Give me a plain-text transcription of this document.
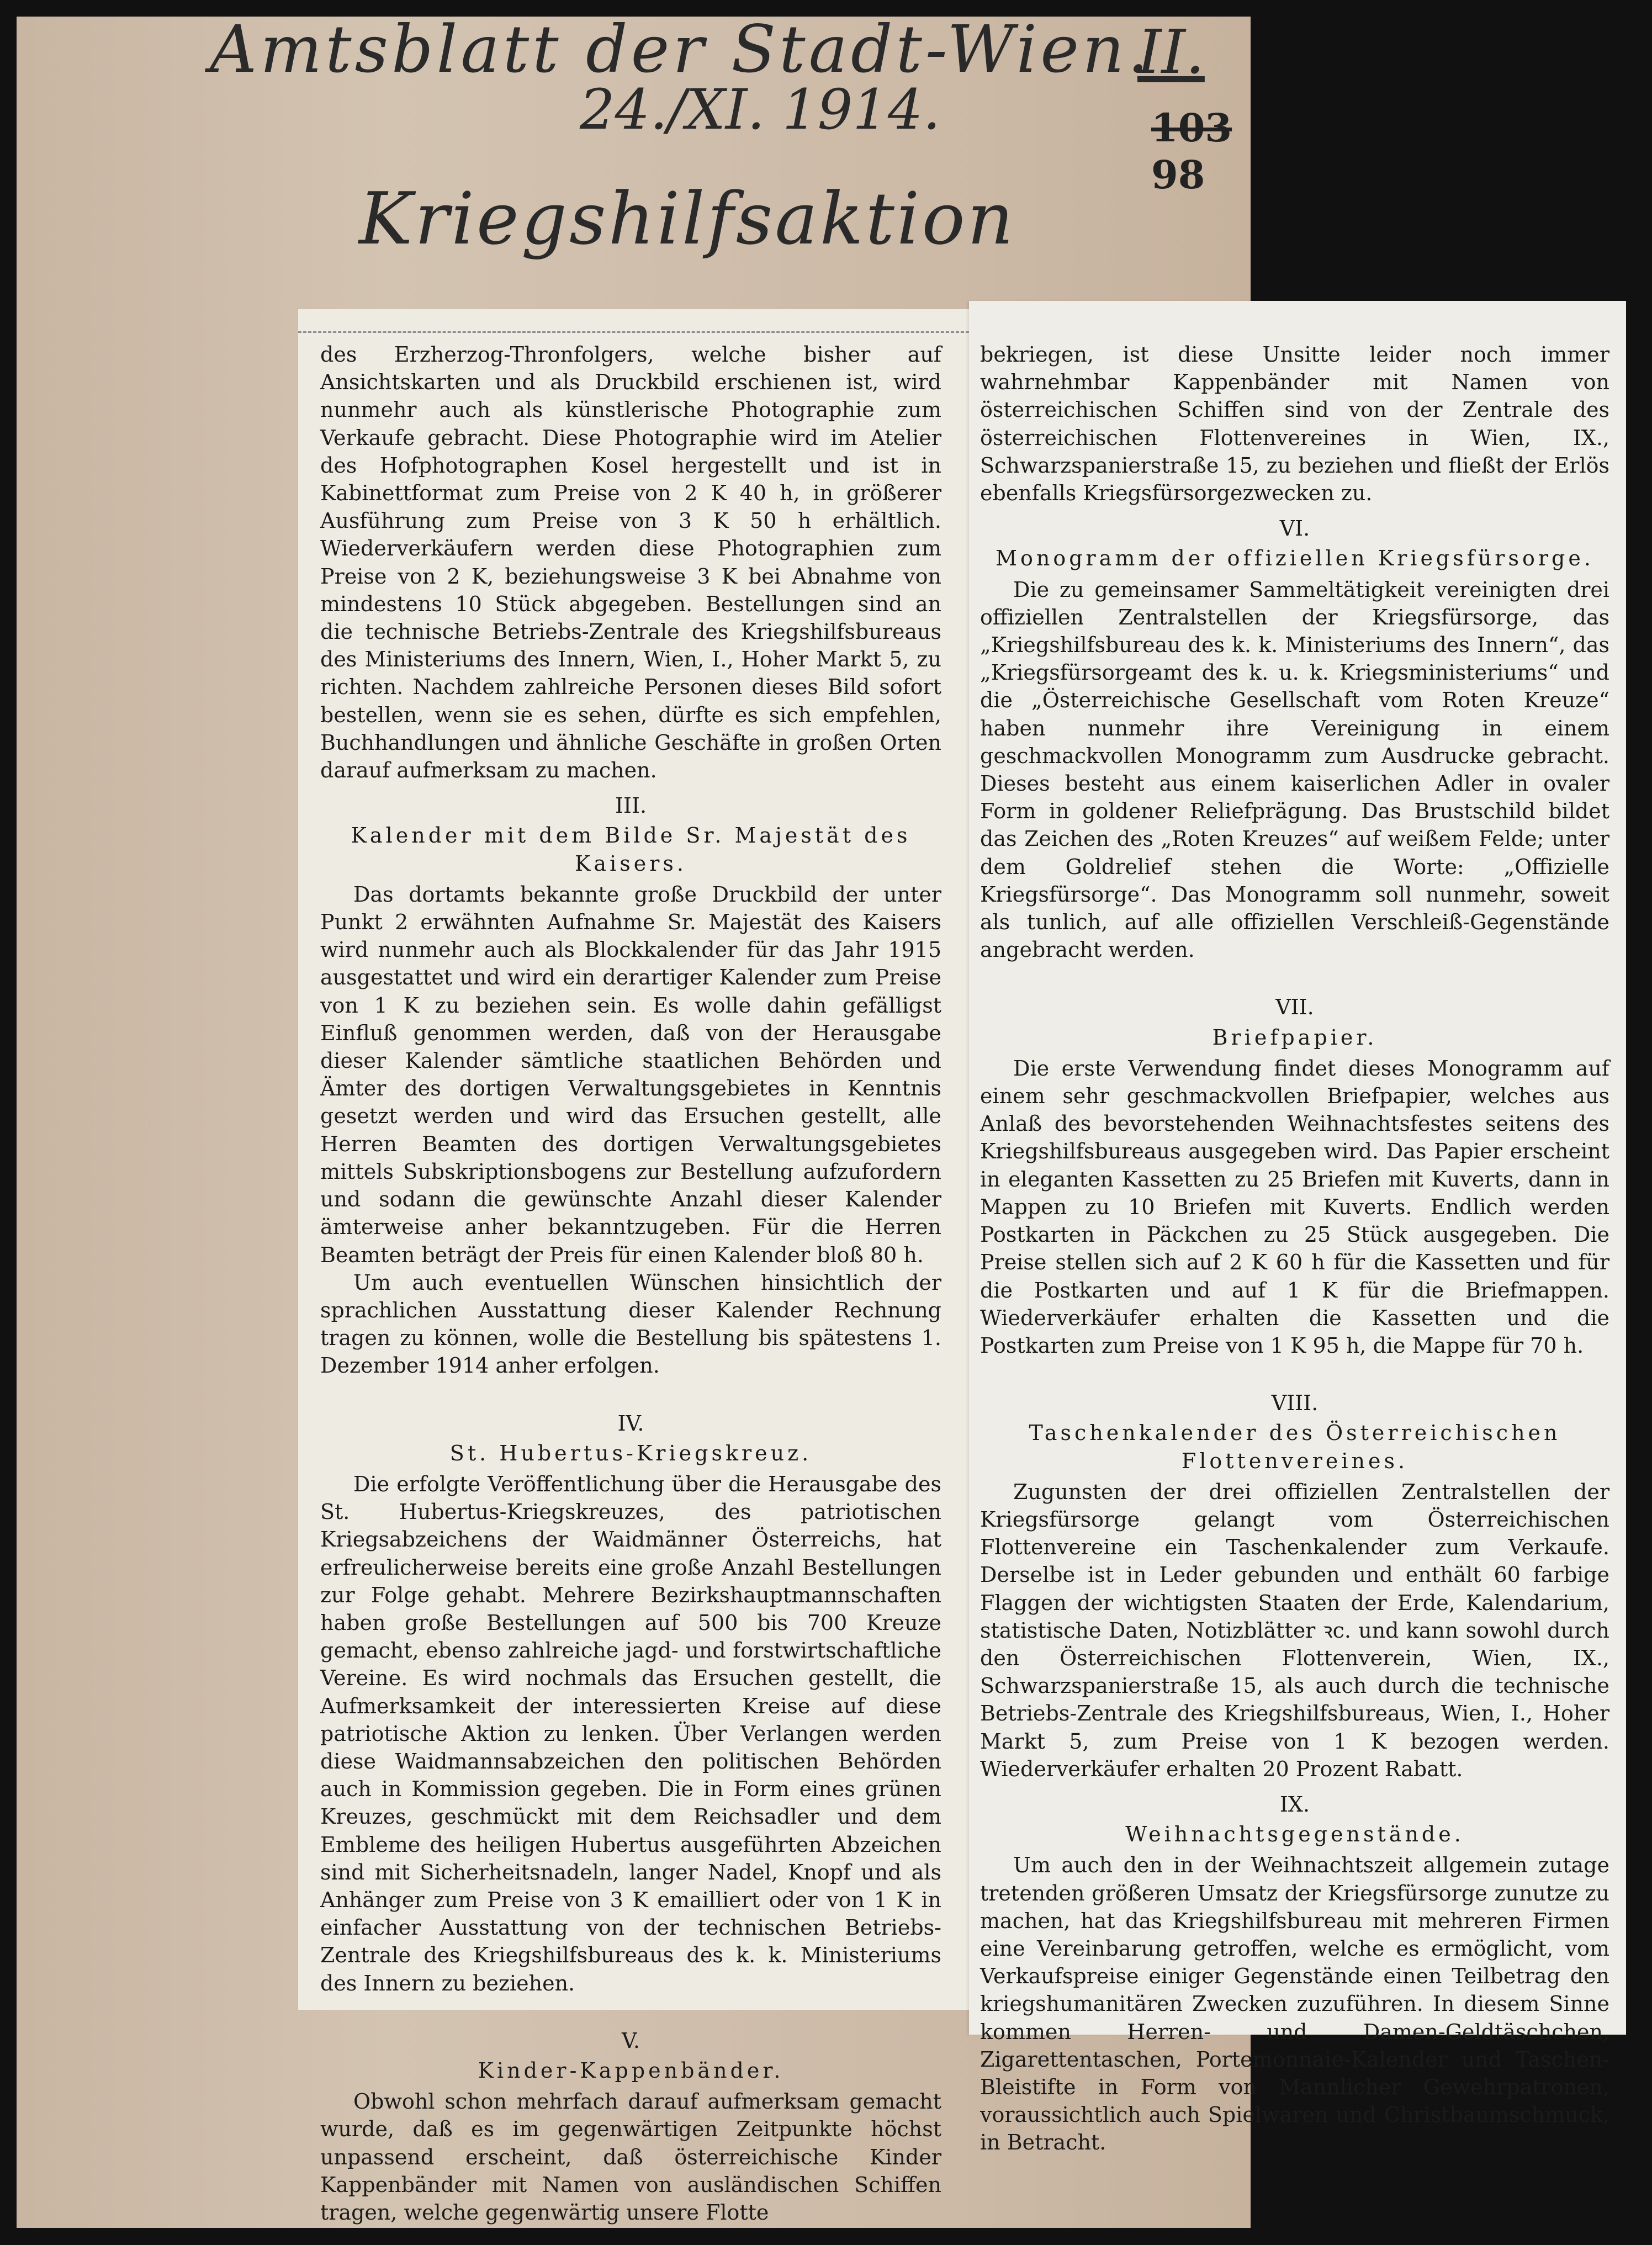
Amtsblatt der Stadt-Wien.
24./XI. 1914.
Kriegshilfsaktion
II.
103
98

des Erzherzog-Thronfolgers, welche bisher auf Ansichtskarten und als Druckbild erschienen ist, wird nunmehr auch als künstlerische Photographie zum Verkaufe gebracht. Diese Photographie wird im Atelier des Hofphotographen Kosel hergestellt und ist in Kabinettformat zum Preise von 2 K 40 h, in größerer Ausführung zum Preise von 3 K 50 h erhältlich. Wiederverkäufern werden diese Photographien zum Preise von 2 K, beziehungsweise 3 K bei Abnahme von mindestens 10 Stück abgegeben. Bestellungen sind an die technische Betriebs-Zentrale des Kriegshilfsbureaus des Ministeriums des Innern, Wien, I., Hoher Markt 5, zu richten. Nachdem zahlreiche Personen dieses Bild sofort bestellen, wenn sie es sehen, dürfte es sich empfehlen, Buchhandlungen und ähnliche Geschäfte in großen Orten darauf aufmerksam zu machen.

III.
Kalender mit dem Bilde Sr. Majestät des Kaisers.

Das dortamts bekannte große Druckbild der unter Punkt 2 erwähnten Aufnahme Sr. Majestät des Kaisers wird nunmehr auch als Blockkalender für das Jahr 1915 ausgestattet und wird ein derartiger Kalender zum Preise von 1 K zu beziehen sein. Es wolle dahin gefälligst Einfluß genommen werden, daß von der Herausgabe dieser Kalender sämtliche staatlichen Behörden und Ämter des dortigen Verwaltungsgebietes in Kenntnis gesetzt werden und wird das Ersuchen gestellt, alle Herren Beamten des dortigen Verwaltungsgebietes mittels Subskriptionsbogens zur Bestellung aufzufordern und sodann die gewünschte Anzahl dieser Kalender ämterweise anher bekanntzugeben. Für die Herren Beamten beträgt der Preis für einen Kalender bloß 80 h.

Um auch eventuellen Wünschen hinsichtlich der sprachlichen Ausstattung dieser Kalender Rechnung tragen zu können, wolle die Bestellung bis spätestens 1. Dezember 1914 anher erfolgen.

IV.
St. Hubertus-Kriegskreuz.

Die erfolgte Veröffentlichung über die Herausgabe des St. Hubertus-Kriegskreuzes, des patriotischen Kriegsabzeichens der Waidmänner Österreichs, hat erfreulicherweise bereits eine große Anzahl Bestellungen zur Folge gehabt. Mehrere Bezirkshauptmannschaften haben große Bestellungen auf 500 bis 700 Kreuze gemacht, ebenso zahlreiche jagd- und forstwirtschaftliche Vereine. Es wird nochmals das Ersuchen gestellt, die Aufmerksamkeit der interessierten Kreise auf diese patriotische Aktion zu lenken. Über Verlangen werden diese Waidmannsabzeichen den politischen Behörden auch in Kommission gegeben. Die in Form eines grünen Kreuzes, geschmückt mit dem Reichsadler und dem Embleme des heiligen Hubertus ausgeführten Abzeichen sind mit Sicherheitsnadeln, langer Nadel, Knopf und als Anhänger zum Preise von 3 K emailliert oder von 1 K in einfacher Ausstattung von der technischen Betriebs-Zentrale des Kriegshilfsbureaus des k. k. Ministeriums des Innern zu beziehen.

V.
Kinder-Kappenbänder.

Obwohl schon mehrfach darauf aufmerksam gemacht wurde, daß es im gegenwärtigen Zeitpunkte höchst unpassend erscheint, daß österreichische Kinder Kappenbänder mit Namen von ausländischen Schiffen tragen, welche gegenwärtig unsere Flotte

bekriegen, ist diese Unsitte leider noch immer wahrnehmbar Kappenbänder mit Namen von österreichischen Schiffen sind von der Zentrale des österreichischen Flottenvereines in Wien, IX., Schwarzspanierstraße 15, zu beziehen und fließt der Erlös ebenfalls Kriegsfürsorgezwecken zu.

VI.
Monogramm der offiziellen Kriegsfürsorge.

Die zu gemeinsamer Sammeltätigkeit vereinigten drei offiziellen Zentralstellen der Kriegsfürsorge, das „Kriegshilfsbureau des k. k. Ministeriums des Innern“, das „Kriegsfürsorgeamt des k. u. k. Kriegsministeriums“ und die „Österreichische Gesellschaft vom Roten Kreuze“ haben nunmehr ihre Vereinigung in einem geschmackvollen Monogramm zum Ausdrucke gebracht. Dieses besteht aus einem kaiserlichen Adler in ovaler Form in goldener Reliefprägung. Das Brustschild bildet das Zeichen des „Roten Kreuzes“ auf weißem Felde; unter dem Goldrelief stehen die Worte: „Offizielle Kriegsfürsorge“. Das Monogramm soll nunmehr, soweit als tunlich, auf alle offiziellen Verschleiß-Gegenstände angebracht werden.

VII.
Briefpapier.

Die erste Verwendung findet dieses Monogramm auf einem sehr geschmackvollen Briefpapier, welches aus Anlaß des bevorstehenden Weihnachtsfestes seitens des Kriegshilfsbureaus ausgegeben wird. Das Papier erscheint in eleganten Kassetten zu 25 Briefen mit Kuverts, dann in Mappen zu 10 Briefen mit Kuverts. Endlich werden Postkarten in Päckchen zu 25 Stück ausgegeben. Die Preise stellen sich auf 2 K 60 h für die Kassetten und für die Postkarten und auf 1 K für die Briefmappen. Wiederverkäufer erhalten die Kassetten und die Postkarten zum Preise von 1 K 95 h, die Mappe für 70 h.

VIII.
Taschenkalender des Österreichischen Flottenvereines.

Zugunsten der drei offiziellen Zentralstellen der Kriegsfürsorge gelangt vom Österreichischen Flottenvereine ein Taschenkalender zum Verkaufe. Derselbe ist in Leder gebunden und enthält 60 farbige Flaggen der wichtigsten Staaten der Erde, Kalendarium, statistische Daten, Notizblätter ꝛc. und kann sowohl durch den Österreichischen Flottenverein, Wien, IX., Schwarzspanierstraße 15, als auch durch die technische Betriebs-Zentrale des Kriegshilfsbureaus, Wien, I., Hoher Markt 5, zum Preise von 1 K bezogen werden. Wiederverkäufer erhalten 20 Prozent Rabatt.

IX.
Weihnachtsgegenstände.

Um auch den in der Weihnachtszeit allgemein zutage tretenden größeren Umsatz der Kriegsfürsorge zunutze zu machen, hat das Kriegshilfsbureau mit mehreren Firmen eine Vereinbarung getroffen, welche es ermöglicht, vom Verkaufspreise einiger Gegenstände einen Teilbetrag den kriegshumanitären Zwecken zuzuführen. In diesem Sinne kommen Herren- und Damen-Geldtäschchen, Zigarettentaschen, Portemonnaie-Kalender und Taschen-Bleistifte in Form von Mannlicher Gewehrpatronen, voraussichtlich auch Spielwaren und Christbaumschmuck, in Betracht.
